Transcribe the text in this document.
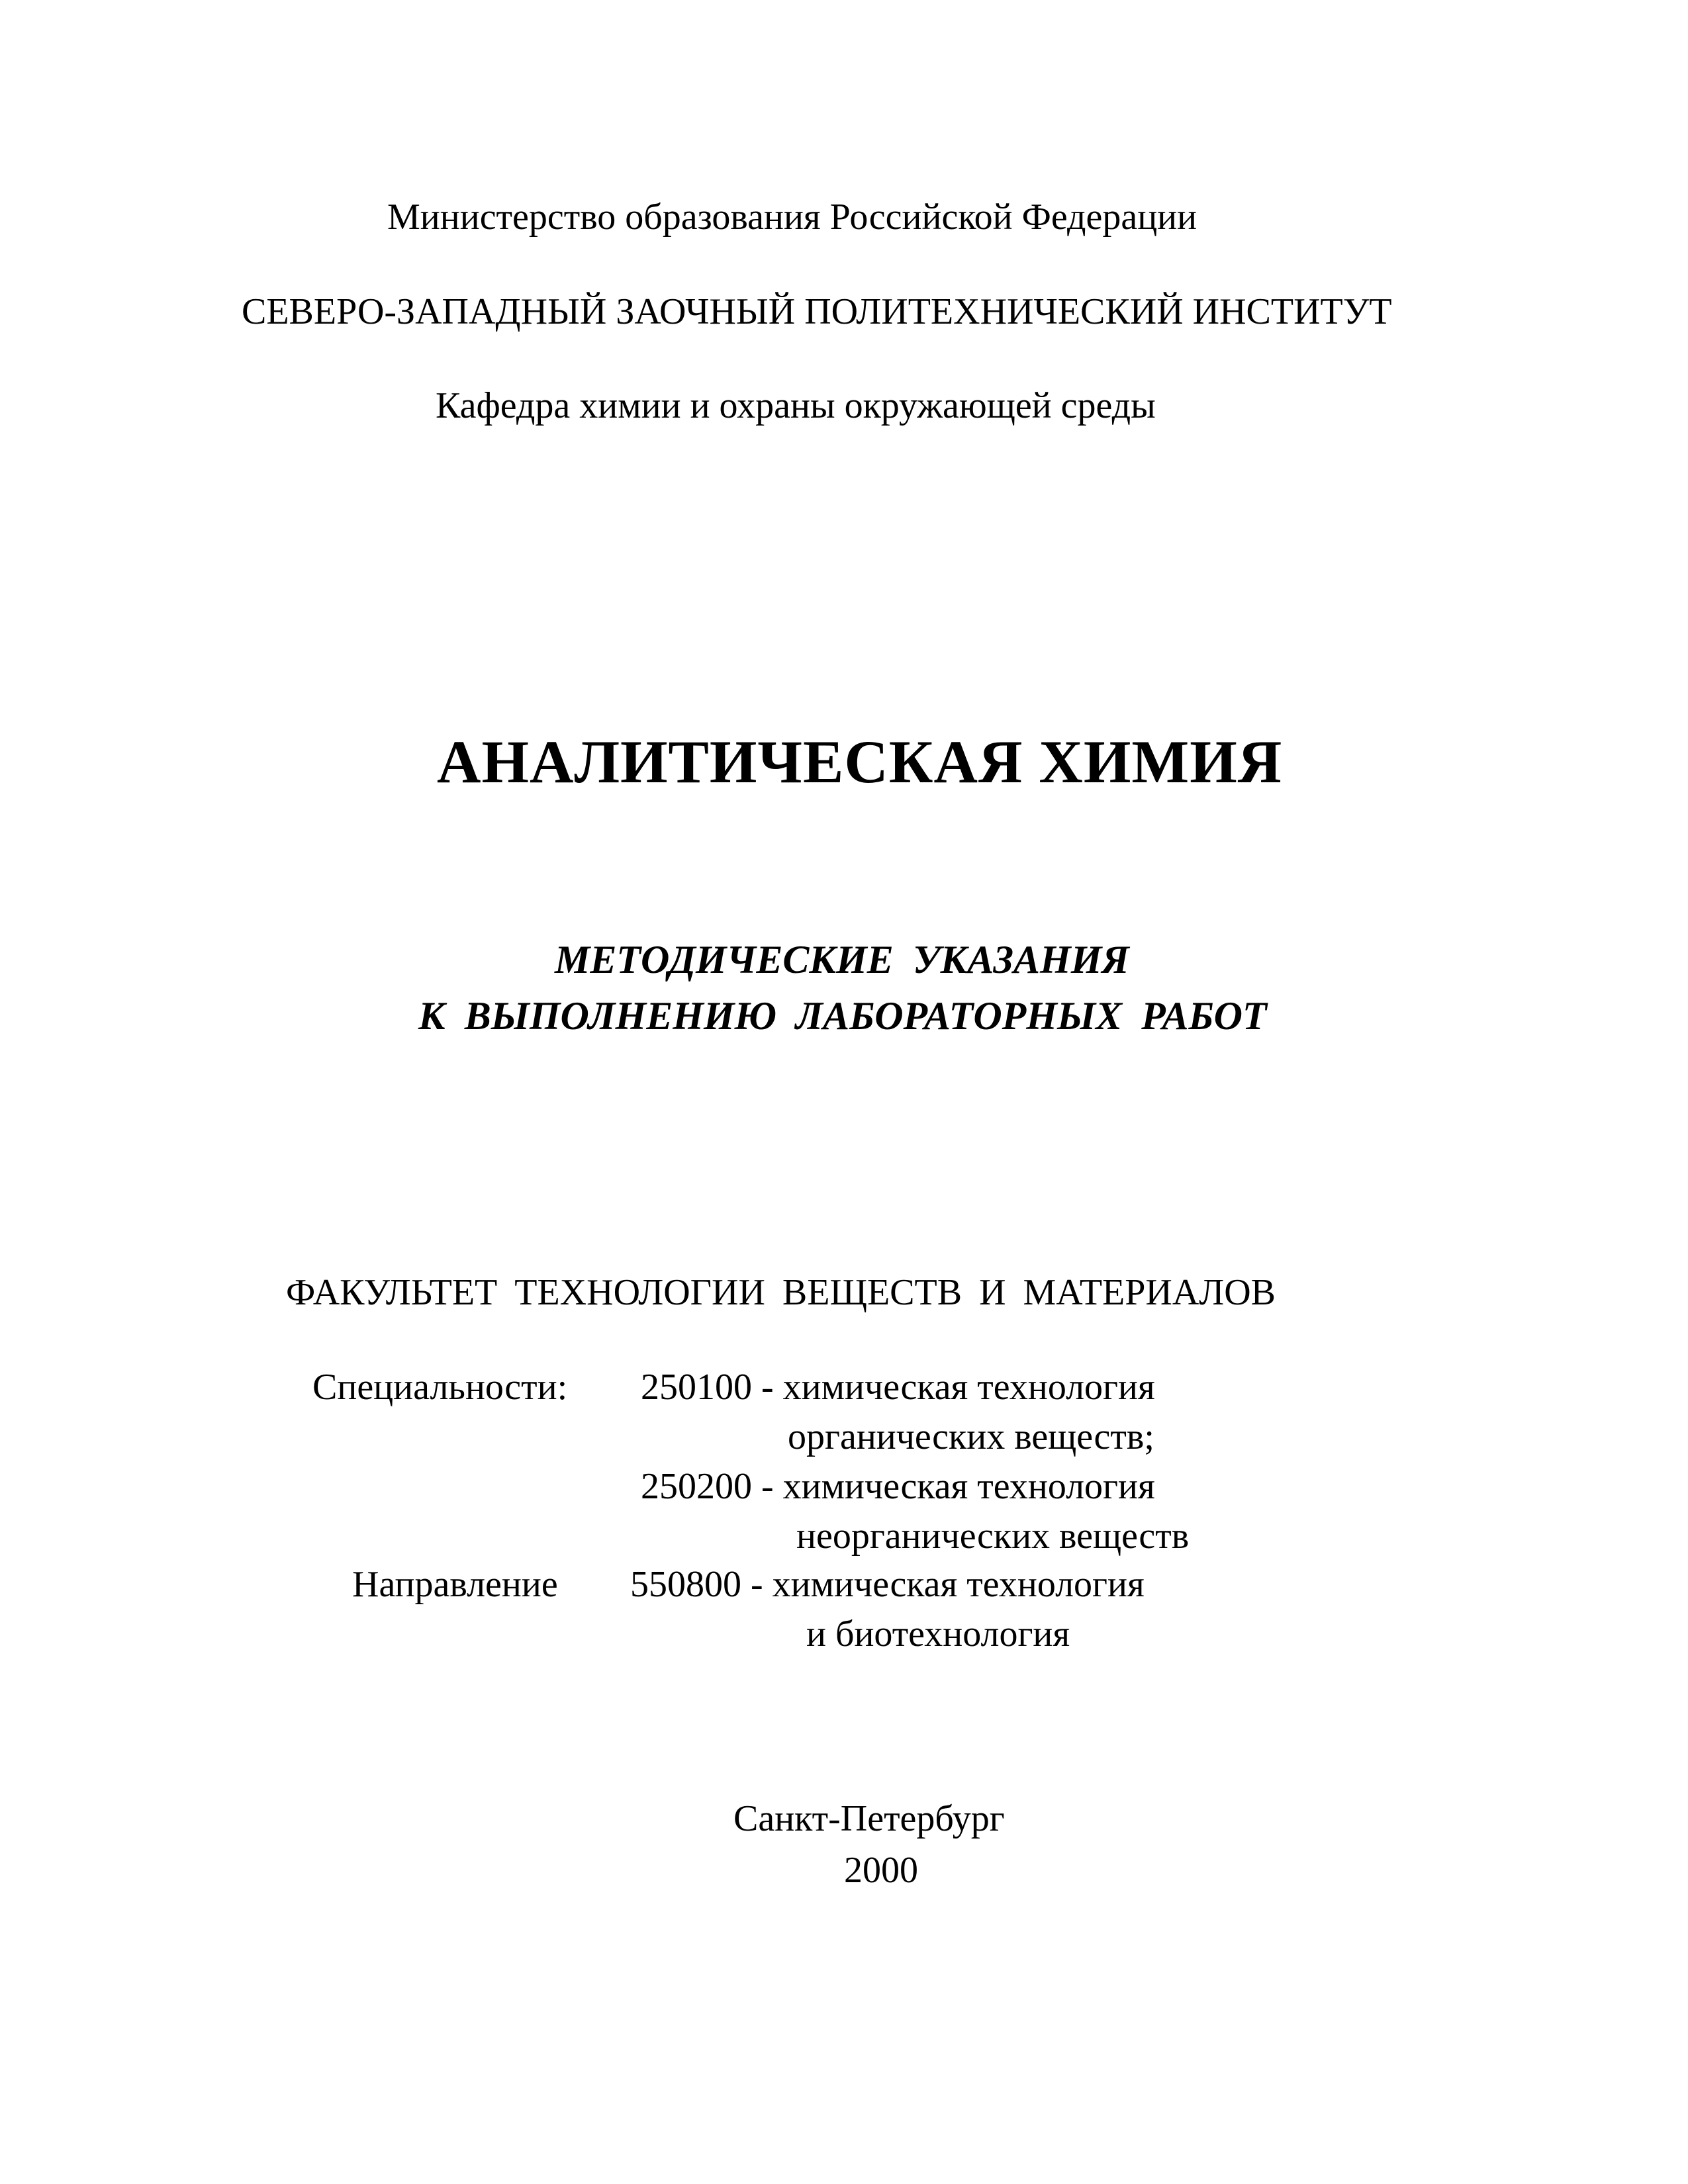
Министерство образования Российской Федерации
СЕВЕРО-ЗАПАДНЫЙ ЗАОЧНЫЙ ПОЛИТЕХНИЧЕСКИЙ ИНСТИТУТ
Кафедра химии и охраны окружающей среды
АНАЛИТИЧЕСКАЯ ХИМИЯ
МЕТОДИЧЕСКИЕ УКАЗАНИЯ
К ВЫПОЛНЕНИЮ ЛАБОРАТОРНЫХ РАБОТ
ФАКУЛЬТЕТ ТЕХНОЛОГИИ ВЕЩЕСТВ И МАТЕРИАЛОВ
Специальности: 250100 - химическая технология
органических веществ;
250200 - химическая технология
неорганических веществ
Направление 550800 - химическая технология
и биотехнология
Санкт-Петербург
2000
